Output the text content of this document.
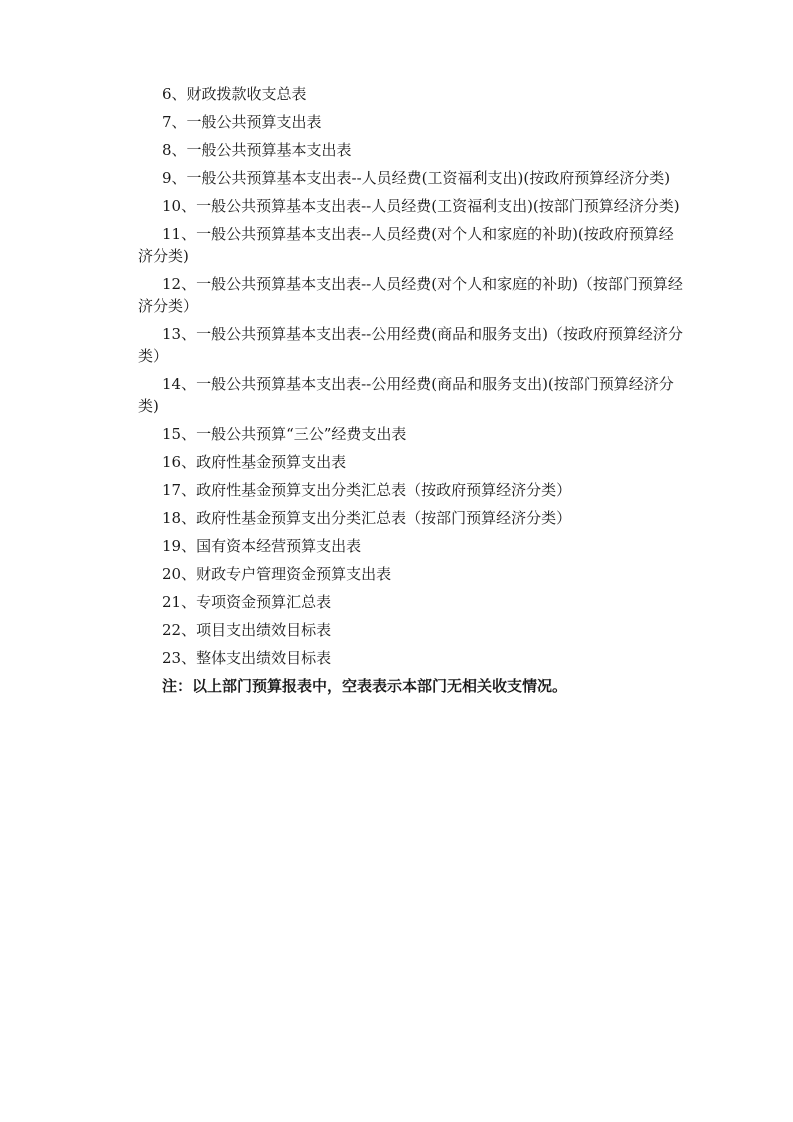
6、财政拨款收支总表

7、一般公共预算支出表

8、一般公共预算基本支出表

9、一般公共预算基本支出表--人员经费(工资福利支出)(按政府预算经济分类)

10、一般公共预算基本支出表--人员经费(工资福利支出)(按部门预算经济分类)

11、一般公共预算基本支出表--人员经费(对个人和家庭的补助)(按政府预算经济分类)

12、一般公共预算基本支出表--人员经费(对个人和家庭的补助)（按部门预算经济分类）

13、一般公共预算基本支出表--公用经费(商品和服务支出)（按政府预算经济分类）

14、一般公共预算基本支出表--公用经费(商品和服务支出)(按部门预算经济分类)

15、一般公共预算“三公”经费支出表

16、政府性基金预算支出表

17、政府性基金预算支出分类汇总表（按政府预算经济分类）

18、政府性基金预算支出分类汇总表（按部门预算经济分类）

19、国有资本经营预算支出表

20、财政专户管理资金预算支出表

21、专项资金预算汇总表

22、项目支出绩效目标表

23、整体支出绩效目标表

注：以上部门预算报表中，空表表示本部门无相关收支情况。
